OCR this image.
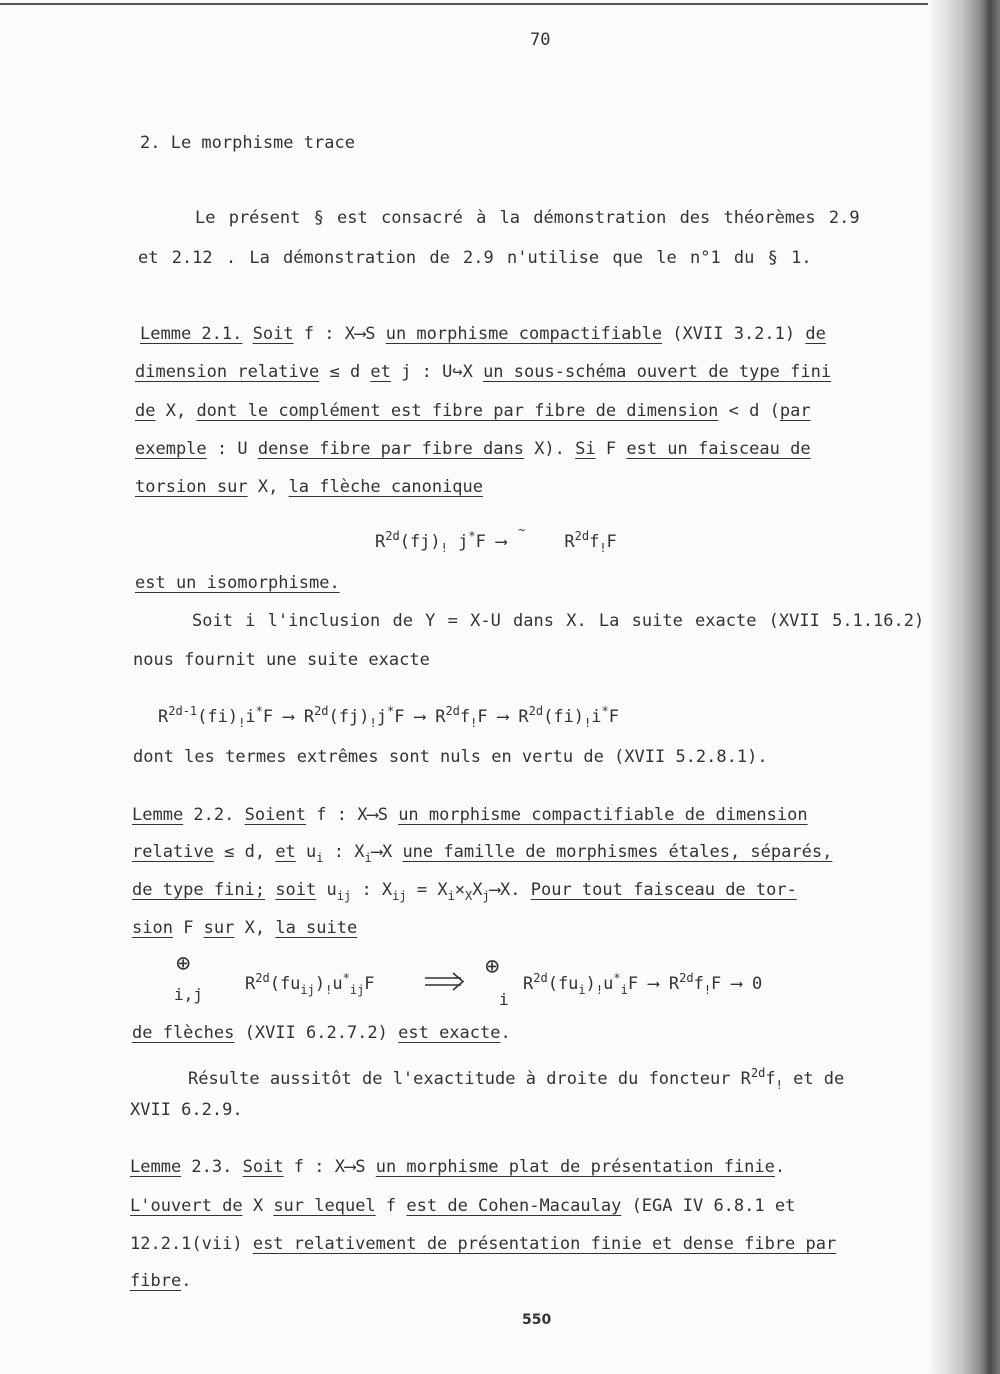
70
2. Le morphisme trace
Le présent § est consacré à la démonstration des théorèmes 2.9
et 2.12 . La démonstration de 2.9 n'utilise que le n°1 du § 1.
Lemme 2.1. Soit f : X⟶S un morphisme compactifiable (XVII 3.2.1) de
dimension relative ≤ d et j : U↪X un sous-schéma ouvert de type fini
de X, dont le complément est fibre par fibre de dimension < d (par
exemple : U dense fibre par fibre dans X). Si F est un faisceau de
torsion sur X, la flèche canonique
$R^{2d}(fj)_!$ j*F
~
⟶	$R^{2d}f_!F$
est un isomorphisme.
Soit i l'inclusion de Y = X-U dans X. La suite exacte (XVII 5.1.16.2)
nous fournit une suite exacte
$R^{2d-1}(fi)_!i^*F$ ⟶ $R^{2d}(fj)_!j^*F$ ⟶ $R^{2d}f_!F$ ⟶ $R^{2d}(fi)_!i^*F$
dont les termes extrêmes sont nuls en vertu de (XVII 5.2.8.1).
Lemme 2.2. Soient f : X⟶S un morphisme compactifiable de dimension
relative ≤ d, et $u_i$ : $X_i⟶X$ une famille de morphismes étales, séparés,
de type fini; soit $u_{ij}$ : $X_{ij}$ = $X_i\times_XX_j⟶X$. Pour tout faisceau de tor-
sion F sur X, la suite
⊕
i,j
$R^{2d}(fu_{ij})_!u^*_{ij}F$
⊕
i
$R^{2d}(fu_i)_!u^*_iF$ ⟶ $R^{2d}f_!F$ ⟶ 0
de flèches (XVII 6.2.7.2) est exacte.
Résulte aussitôt de l'exactitude à droite du foncteur $R^{2d}f_!$ et de
XVII 6.2.9.
Lemme 2.3. Soit f : X⟶S un morphisme plat de présentation finie.
L'ouvert de X sur lequel f est de Cohen-Macaulay (EGA IV 6.8.1 et
12.2.1(vii) est relativement de présentation finie et dense fibre par
fibre.
550
